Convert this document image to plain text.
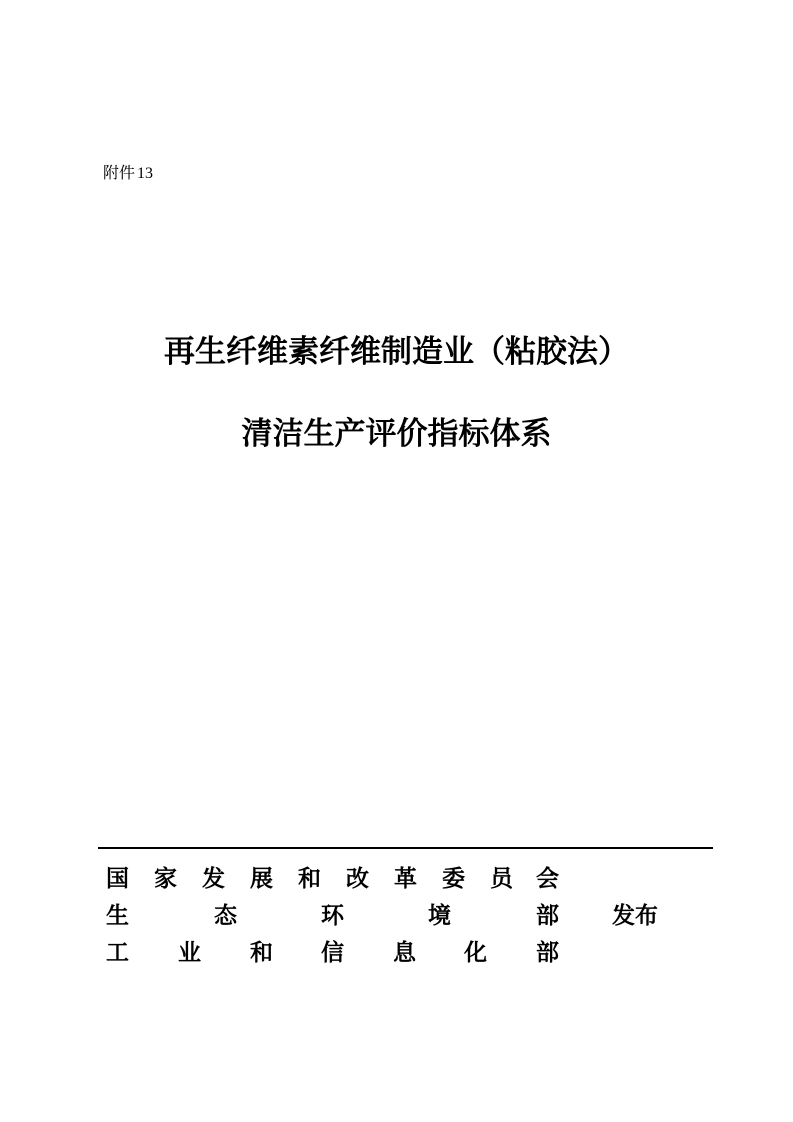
附件 13
再生纤维素纤维制造业（粘胶法）
清洁生产评价指标体系
国 家 发 展 和 改 革 委 员 会
生	态	环	境	部 发布
工 业 和 信 息 化 部
